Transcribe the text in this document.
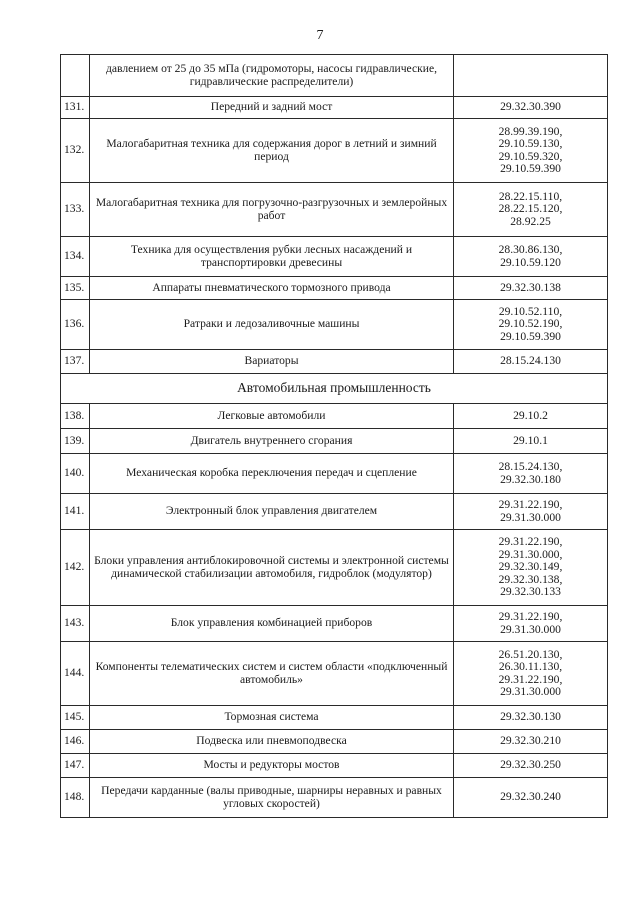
7
	давлением от 25 до 35 мПа (гидромоторы, насосы гидравлические, гидравлические распределители)	
131.	Передний и задний мост	29.32.30.390

132.	Малогабаритная техника для содержания дорог в летний и зимний период	28.99.39.190,
29.10.59.130,
29.10.59.320,
29.10.59.390

133.	Малогабаритная техника для погрузочно-разгрузочных и землеройных работ	28.22.15.110,
28.22.15.120,
28.92.25

134.	Техника для осуществления рубки лесных насаждений и транспортировки древесины	28.30.86.130,
29.10.59.120

135.	Аппараты пневматического тормозного привода	29.32.30.138

136.	Ратраки и ледозаливочные машины	29.10.52.110,
29.10.52.190,
29.10.59.390

137.	Вариаторы	28.15.24.130

Автомобильная промышленность		
138.	Легковые автомобили	29.10.2

139.	Двигатель внутреннего сгорания	29.10.1

140.	Механическая коробка переключения передач и сцепление	28.15.24.130,
29.32.30.180

141.	Электронный блок управления двигателем	29.31.22.190,
29.31.30.000

142.	Блоки управления антиблокировочной системы и электронной системы динамической стабилизации автомобиля, гидроблок (модулятор)	29.31.22.190,
29.31.30.000,
29.32.30.149,
29.32.30.138,
29.32.30.133

143.	Блок управления комбинацией приборов	29.31.22.190,
29.31.30.000

144.	Компоненты телематических систем и систем области «подключенный автомобиль»	26.51.20.130,
26.30.11.130,
29.31.22.190,
29.31.30.000

145.	Тормозная система	29.32.30.130

146.	Подвеска или пневмоподвеска	29.32.30.210

147.	Мосты и редукторы мостов	29.32.30.250

148.	Передачи карданные (валы приводные, шарниры неравных и равных угловых скоростей)	29.32.30.240
